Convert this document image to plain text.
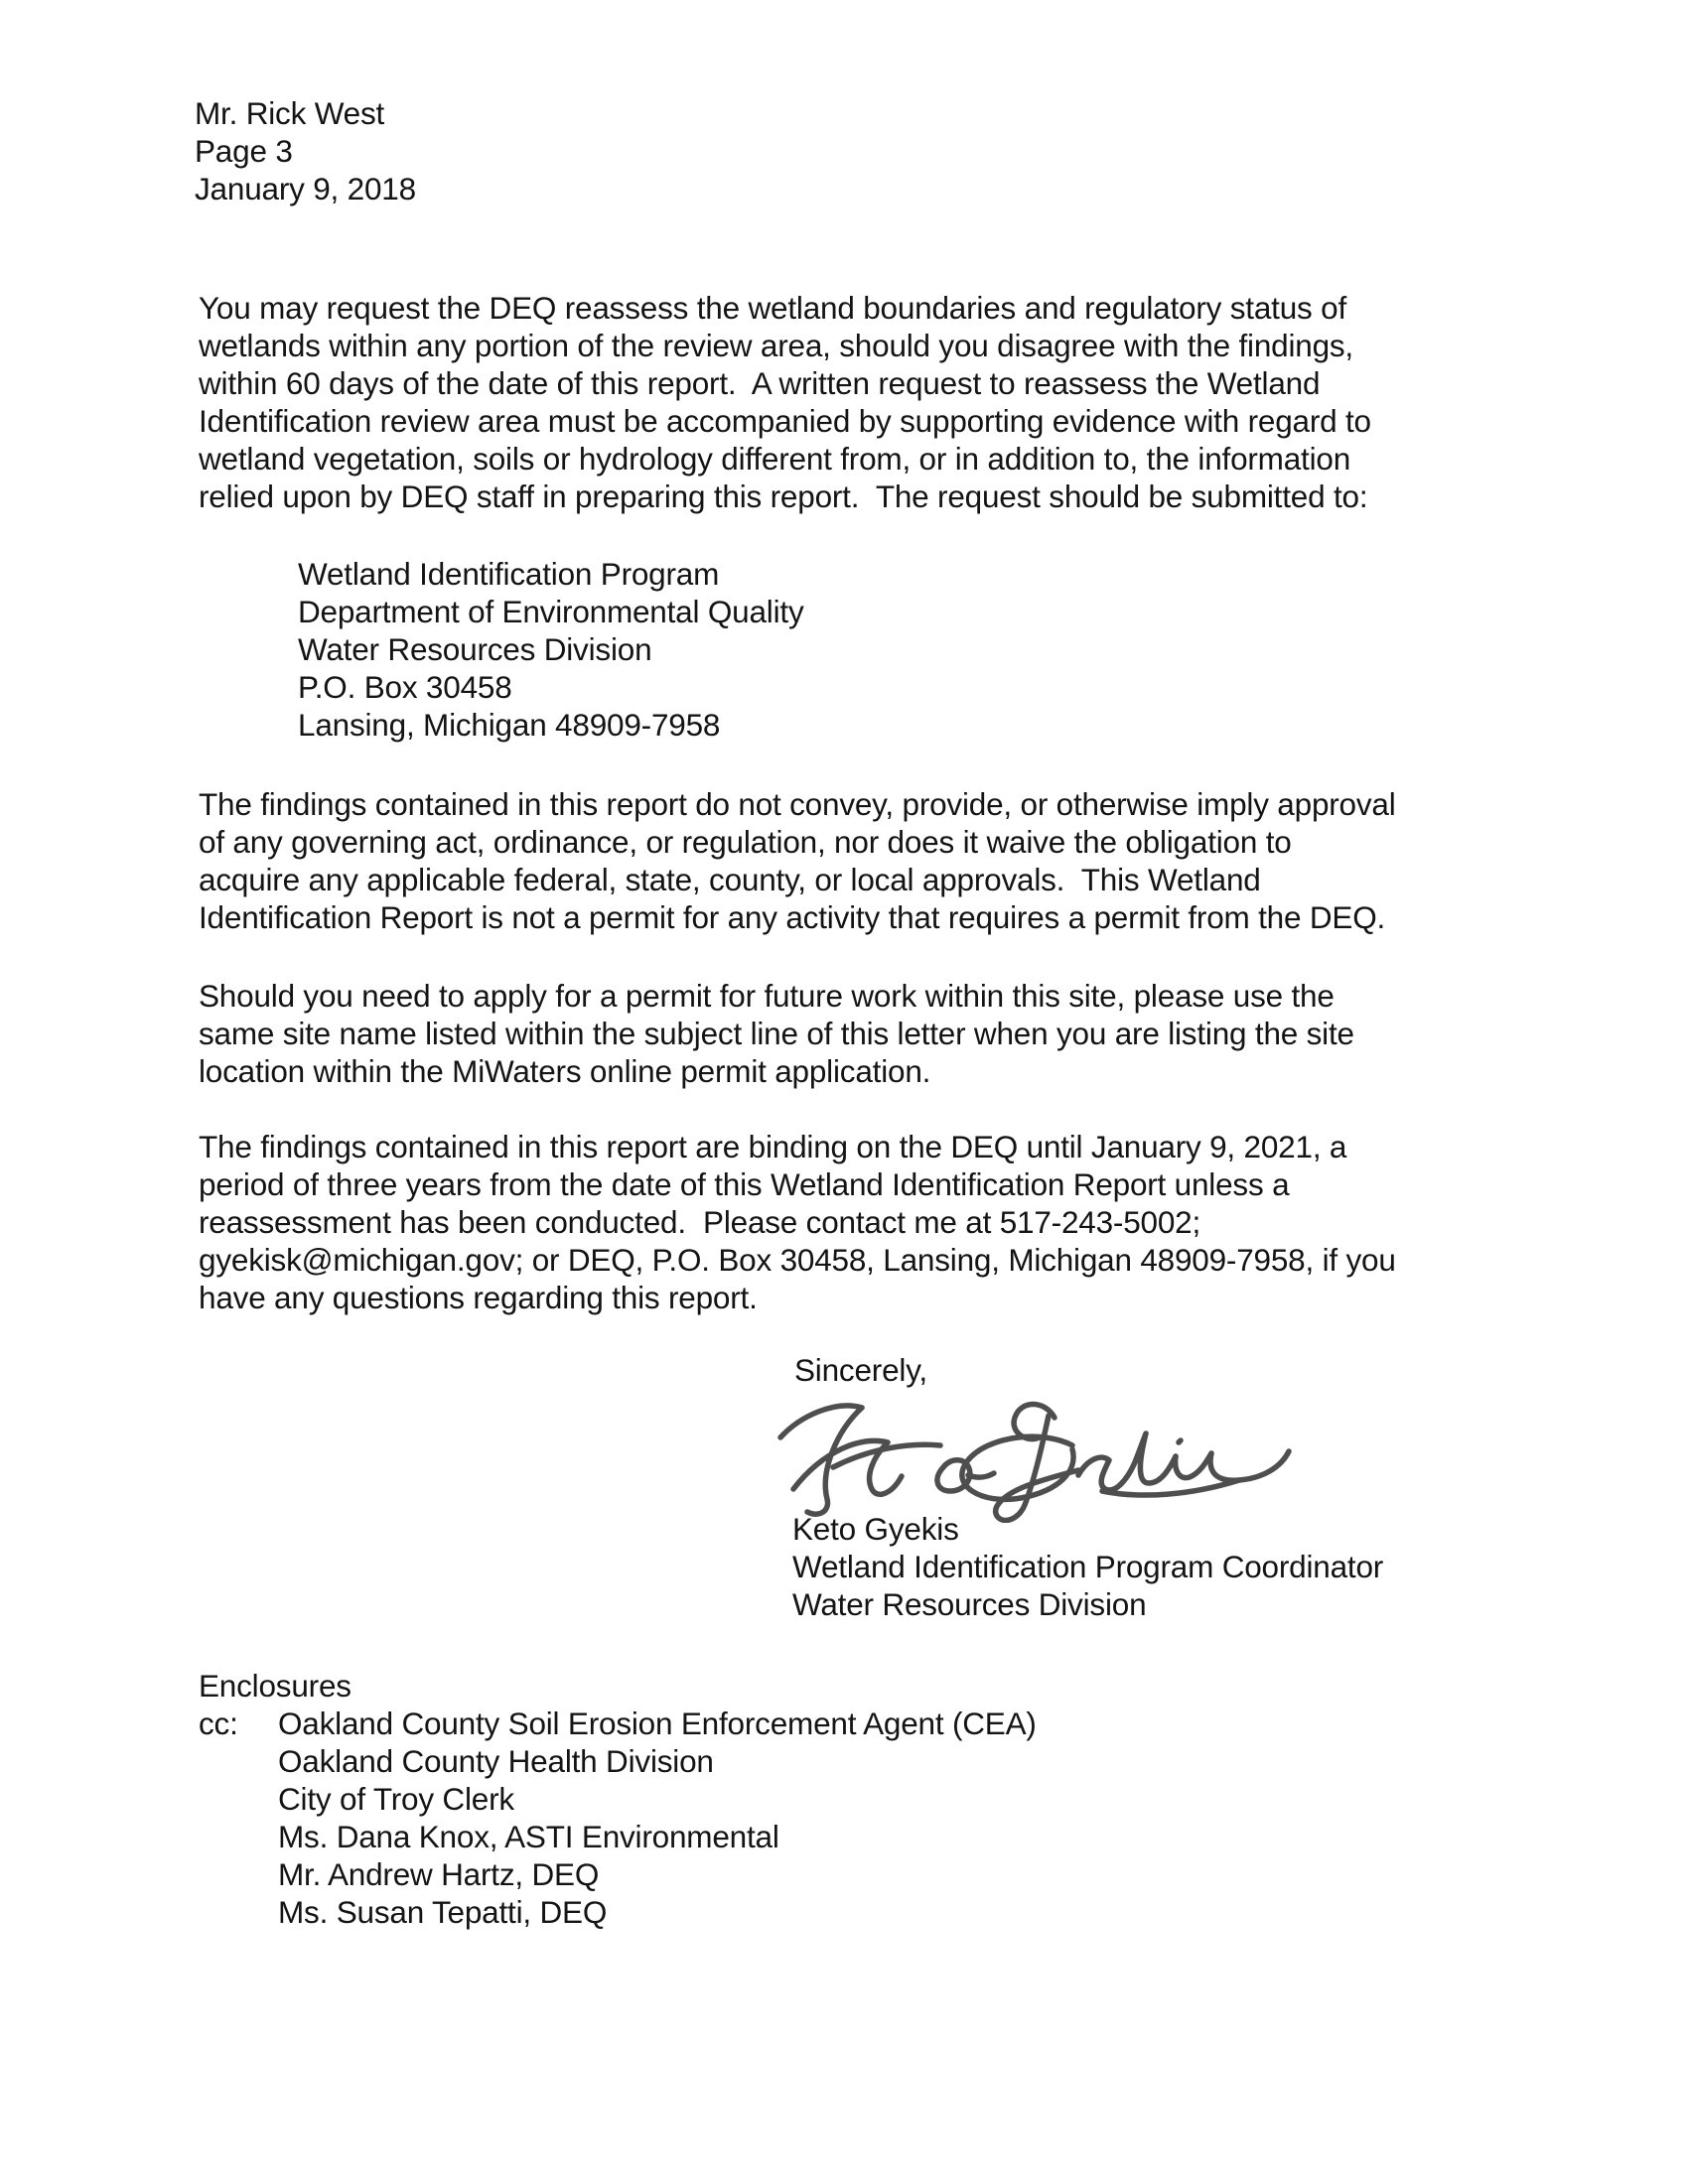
Mr. Rick West
Page 3
January 9, 2018
You may request the DEQ reassess the wetland boundaries and regulatory status of
wetlands within any portion of the review area, should you disagree with the findings,
within 60 days of the date of this report.  A written request to reassess the Wetland
Identification review area must be accompanied by supporting evidence with regard to
wetland vegetation, soils or hydrology different from, or in addition to, the information
relied upon by DEQ staff in preparing this report.  The request should be submitted to:
Wetland Identification Program
Department of Environmental Quality
Water Resources Division
P.O. Box 30458
Lansing, Michigan 48909-7958
The findings contained in this report do not convey, provide, or otherwise imply approval
of any governing act, ordinance, or regulation, nor does it waive the obligation to
acquire any applicable federal, state, county, or local approvals.  This Wetland
Identification Report is not a permit for any activity that requires a permit from the DEQ.
Should you need to apply for a permit for future work within this site, please use the
same site name listed within the subject line of this letter when you are listing the site
location within the MiWaters online permit application.
The findings contained in this report are binding on the DEQ until January 9, 2021, a
period of three years from the date of this Wetland Identification Report unless a
reassessment has been conducted.  Please contact me at 517-243-5002;
gyekisk@michigan.gov; or DEQ, P.O. Box 30458, Lansing, Michigan 48909-7958, if you
have any questions regarding this report.
Sincerely,
Keto Gyekis
Wetland Identification Program Coordinator
Water Resources Division
Enclosures
cc:	Oakland County Soil Erosion Enforcement Agent (CEA)
Oakland County Health Division
City of Troy Clerk
Ms. Dana Knox, ASTI Environmental
Mr. Andrew Hartz, DEQ
Ms. Susan Tepatti, DEQ
